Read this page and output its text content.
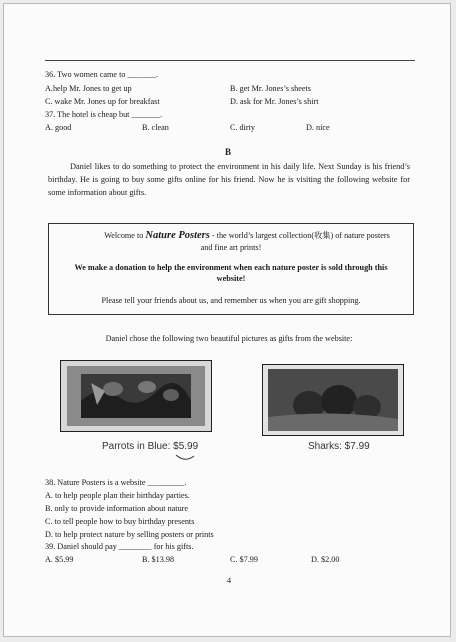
36. Two women came to _______.
A.help Mr. Jones to get up	B. get Mr. Jones’s sheets
C. wake Mr. Jones up for breakfast	D. ask for Mr. Jones’s shirt
37. The hotel is cheap but _______.
A. good	B. clean	C. dirty	D. nice
B
Daniel likes to do something to protect the environment in his daily life. Next Sunday is his friend’s birthday. He is going to buy some gifts online for his friend. Now he is visiting the following website for some information about gifts.
Welcome to Nature Posters - the world’s largest collection(收集) of nature posters
and fine art prints!
We make a donation to help the environment when each nature poster is sold through this
website!
Please tell your friends about us, and remember us when you are gift shopping.
Daniel chose the following two beautiful pictures as gifts from the website:
Parrots in Blue: $5.99	Sharks: $7.99
38. Nature Posters is a website _________.
A. to help people plan their birthday parties.
B. only to provide information about nature
C. to tell people how to buy birthday presents
D. to help protect nature by selling posters or prints
39. Daniel should pay ________ for his gifts.
A. $5.99	B. $13.98	C. $7.99	D. $2.00
4
